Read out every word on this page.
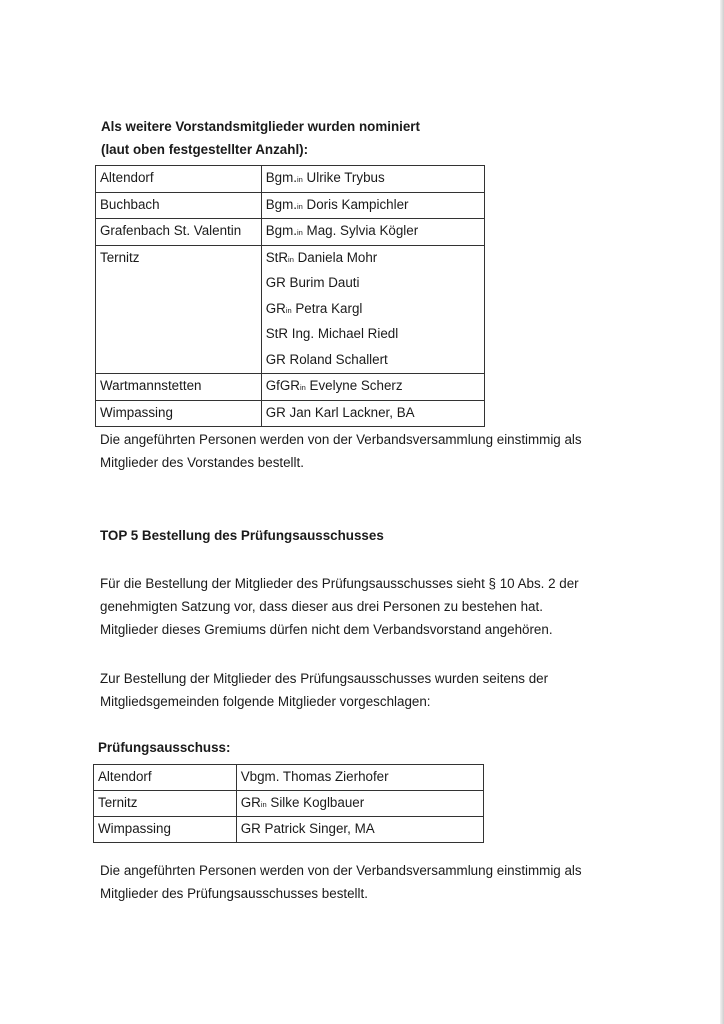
Als weitere Vorstandsmitglieder wurden nominiert

(laut oben festgestellter Anzahl):

Altendorf	Bgm.in Ulrike Trybus

Buchbach	Bgm.in Doris Kampichler

Grafenbach St. Valentin	Bgm.in Mag. Sylvia Kögler

Ternitz	StRin Daniela Mohr
GR Burim Dauti
GRin Petra Kargl
StR Ing. Michael Riedl
GR Roland Schallert

Wartmannstetten	GfGRin Evelyne Scherz

Wimpassing	GR Jan Karl Lackner, BA

Die angeführten Personen werden von der Verbandsversammlung einstimmig als
Mitglieder des Vorstandes bestellt.

TOP 5 Bestellung des Prüfungsausschusses

Für die Bestellung der Mitglieder des Prüfungsausschusses sieht § 10 Abs. 2 der
genehmigten Satzung vor, dass dieser aus drei Personen zu bestehen hat.
Mitglieder dieses Gremiums dürfen nicht dem Verbandsvorstand angehören.

Zur Bestellung der Mitglieder des Prüfungsausschusses wurden seitens der
Mitgliedsgemeinden folgende Mitglieder vorgeschlagen:

Prüfungsausschuss:

Altendorf	Vbgm. Thomas Zierhofer
Ternitz	GRin Silke Koglbauer
Wimpassing	GR Patrick Singer, MA

Die angeführten Personen werden von der Verbandsversammlung einstimmig als
Mitglieder des Prüfungsausschusses bestellt.
